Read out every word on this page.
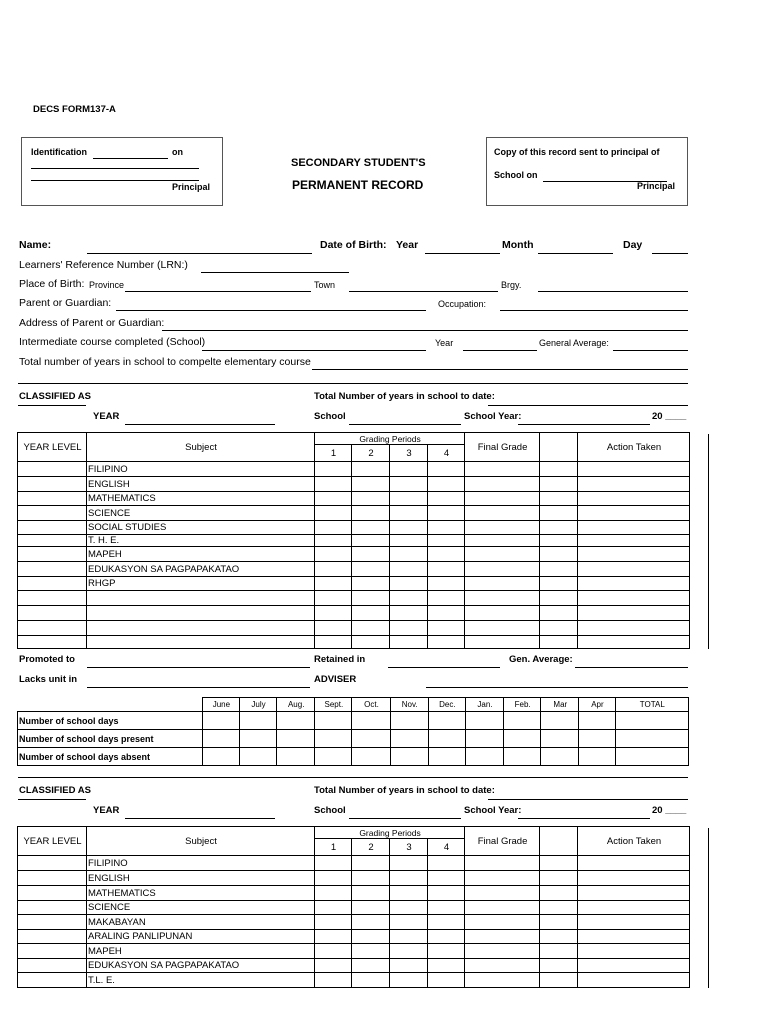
DECS FORM137-A
Identification	on
Principal
SECONDARY STUDENT'S
PERMANENT RECORD
Copy of this record sent to principal of
School on
Principal
Name:	Date of Birth: Year	Month	Day
Learners' Reference Number (LRN:)
Place of Birth: Province	Town	Brgy.
Parent or Guardian:	Occupation:
Address of Parent or Guardian:
Intermediate course completed (School)	Year	General Average:
Total number of years in school to compelte elementary course
CLASSIFIED AS	Total Number of years in school to date:
YEAR	School	School Year:	20 ____
YEAR LEVEL	Subject	Grading Periods				Final Grade		Action Taken
		1	2	3	4			
	FILIPINO							
	ENGLISH							
	MATHEMATICS							
	SCIENCE							
	SOCIAL STUDIES							
	T. H. E.							
	MAPEH							
	EDUKASYON SA PAGPAPAKATAO							
	RHGP							

Promoted to	Retained in	Gen. Average:
Lacks unit in	ADVISER
	June	July	Aug.	Sept.	Oct.	Nov.	Dec.	Jan.	Feb.	Mar	Apr	TOTAL
Number of school days												
Number of school days present												
Number of school days absent												
CLASSIFIED AS	Total Number of years in school to date:
YEAR	School	School Year:	20 ____
YEAR LEVEL	Subject	Grading Periods				Final Grade		Action Taken
		1	2	3	4			
	FILIPINO							
	ENGLISH							
	MATHEMATICS							
	SCIENCE							
	MAKABAYAN							
	ARALING PANLIPUNAN							
	MAPEH							
	EDUKASYON SA PAGPAPAKATAO							
	T.L. E.							
